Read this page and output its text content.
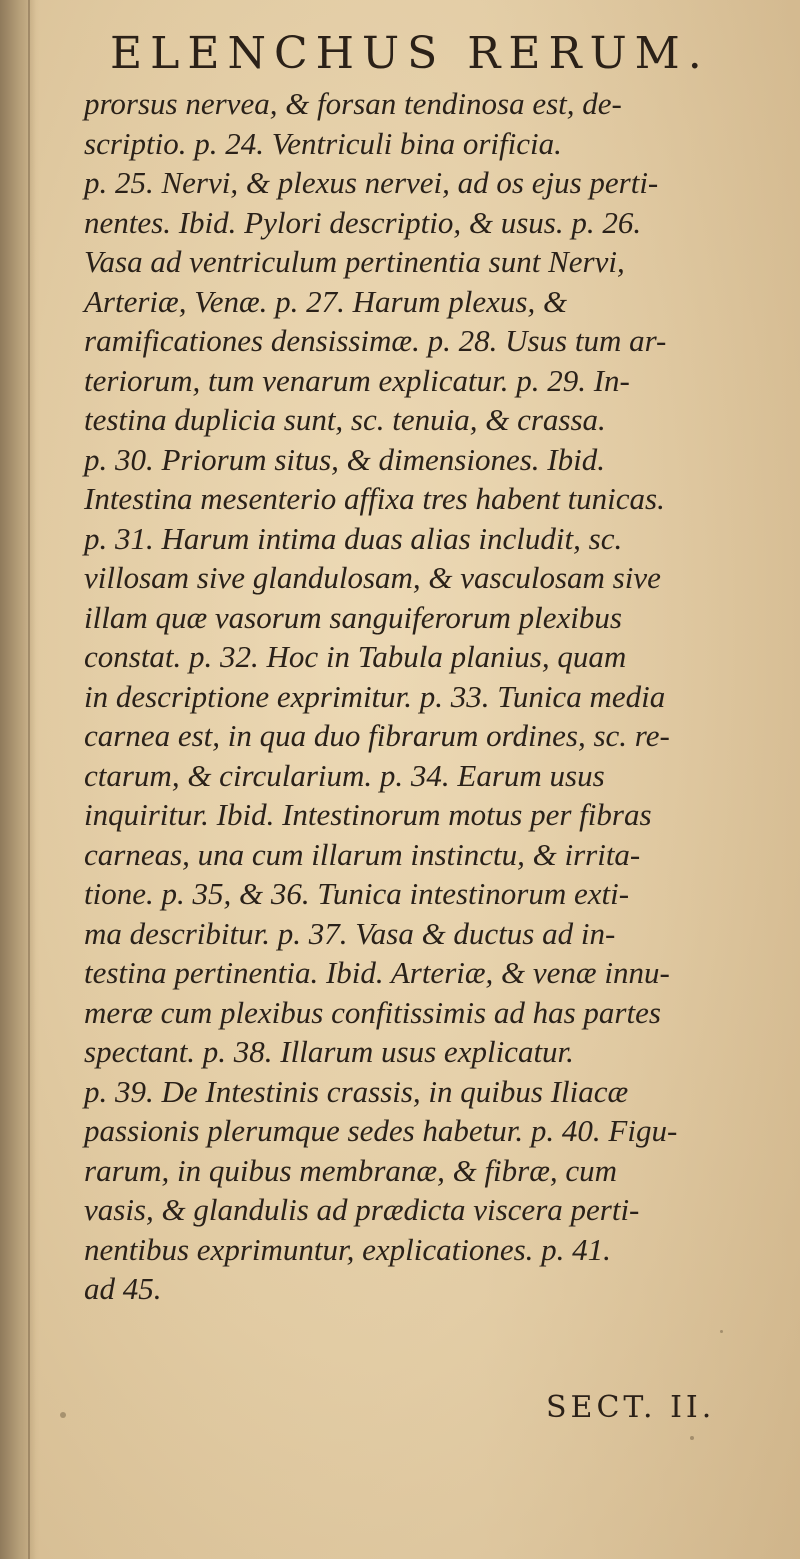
ELENCHUS RERUM.
prorsus nervea, & forsan tendinosa est, de-
scriptio. p. 24. Ventriculi bina orificia.
p. 25. Nervi, & plexus nervei, ad os ejus perti-
nentes. Ibid. Pylori descriptio, & usus. p. 26.
Vasa ad ventriculum pertinentia sunt Nervi,
Arteriæ, Venæ. p. 27. Harum plexus, &
ramificationes densissimæ. p. 28. Usus tum ar-
teriorum, tum venarum explicatur. p. 29. In-
testina duplicia sunt, sc. tenuia, & crassa.
p. 30. Priorum situs, & dimensiones. Ibid.
Intestina mesenterio affixa tres habent tunicas.
p. 31. Harum intima duas alias includit, sc.
villosam sive glandulosam, & vasculosam sive
illam quæ vasorum sanguiferorum plexibus
constat. p. 32. Hoc in Tabula planius, quam
in descriptione exprimitur. p. 33. Tunica media
carnea est, in qua duo fibrarum ordines, sc. re-
ctarum, & circularium. p. 34. Earum usus
inquiritur. Ibid. Intestinorum motus per fibras
carneas, una cum illarum instinctu, & irrita-
tione. p. 35, & 36. Tunica intestinorum exti-
ma describitur. p. 37. Vasa & ductus ad in-
testina pertinentia. Ibid. Arteriæ, & venæ innu-
meræ cum plexibus confitissimis ad has partes
spectant. p. 38. Illarum usus explicatur.
p. 39. De Intestinis crassis, in quibus Iliacæ
passionis plerumque sedes habetur. p. 40. Figu-
rarum, in quibus membranæ, & fibræ, cum
vasis, & glandulis ad prædicta viscera perti-
nentibus exprimuntur, explicationes. p. 41.
ad 45.
SECT. II.
